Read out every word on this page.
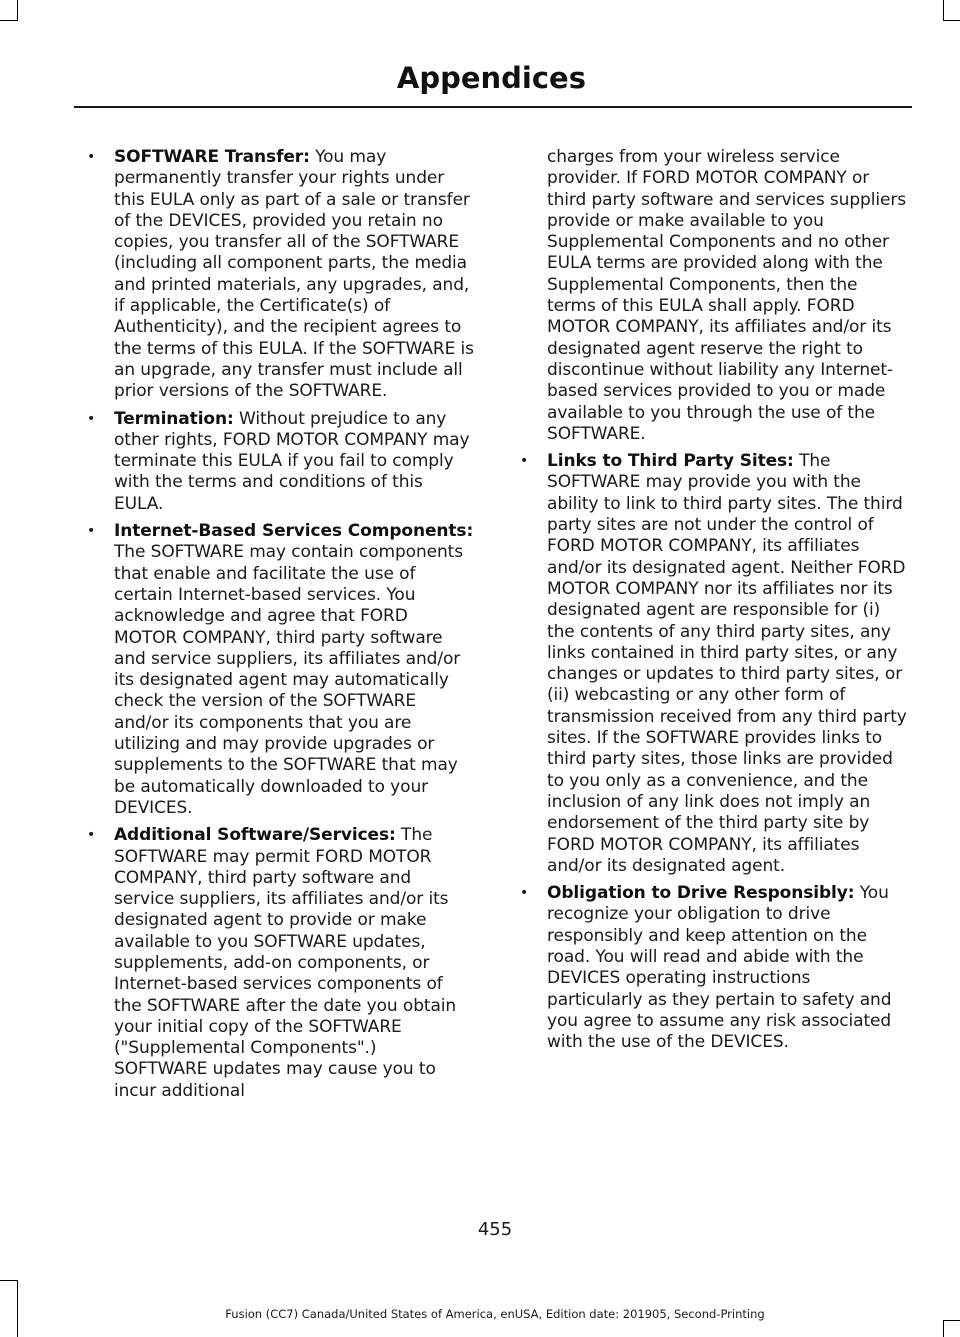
Appendices
• SOFTWARE Transfer: You may permanently transfer your rights under this EULA only as part of a sale or transfer of the DEVICES, provided you retain no copies, you transfer all of the SOFTWARE (including all component parts, the media and printed materials, any upgrades, and, if applicable, the Certificate(s) of Authenticity), and the recipient agrees to the terms of this EULA. If the SOFTWARE is an upgrade, any transfer must include all prior versions of the SOFTWARE.
• Termination: Without prejudice to any other rights, FORD MOTOR COMPANY may terminate this EULA if you fail to comply with the terms and conditions of this EULA.
• Internet-Based Services Components: The SOFTWARE may contain components that enable and facilitate the use of certain Internet-based services. You acknowledge and agree that FORD MOTOR COMPANY, third party software and service suppliers, its affiliates and/or its designated agent may automatically check the version of the SOFTWARE and/or its components that you are utilizing and may provide upgrades or supplements to the SOFTWARE that may be automatically downloaded to your DEVICES.
• Additional Software/Services: The SOFTWARE may permit FORD MOTOR COMPANY, third party software and service suppliers, its affiliates and/or its designated agent to provide or make available to you SOFTWARE updates, supplements, add-on components, or Internet-based services components of the SOFTWARE after the date you obtain your initial copy of the SOFTWARE ("Supplemental Components".) SOFTWARE updates may cause you to incur additional
charges from your wireless service provider. If FORD MOTOR COMPANY or third party software and services suppliers provide or make available to you Supplemental Components and no other EULA terms are provided along with the Supplemental Components, then the terms of this EULA shall apply. FORD MOTOR COMPANY, its affiliates and/or its designated agent reserve the right to discontinue without liability any Internet-based services provided to you or made available to you through the use of the SOFTWARE.
• Links to Third Party Sites: The SOFTWARE may provide you with the ability to link to third party sites. The third party sites are not under the control of FORD MOTOR COMPANY, its affiliates and/or its designated agent. Neither FORD MOTOR COMPANY nor its affiliates nor its designated agent are responsible for (i) the contents of any third party sites, any links contained in third party sites, or any changes or updates to third party sites, or (ii) webcasting or any other form of transmission received from any third party sites. If the SOFTWARE provides links to third party sites, those links are provided to you only as a convenience, and the inclusion of any link does not imply an endorsement of the third party site by FORD MOTOR COMPANY, its affiliates and/or its designated agent.
• Obligation to Drive Responsibly: You recognize your obligation to drive responsibly and keep attention on the road. You will read and abide with the DEVICES operating instructions particularly as they pertain to safety and you agree to assume any risk associated with the use of the DEVICES.
455
Fusion (CC7) Canada/United States of America, enUSA, Edition date: 201905, Second-Printing
